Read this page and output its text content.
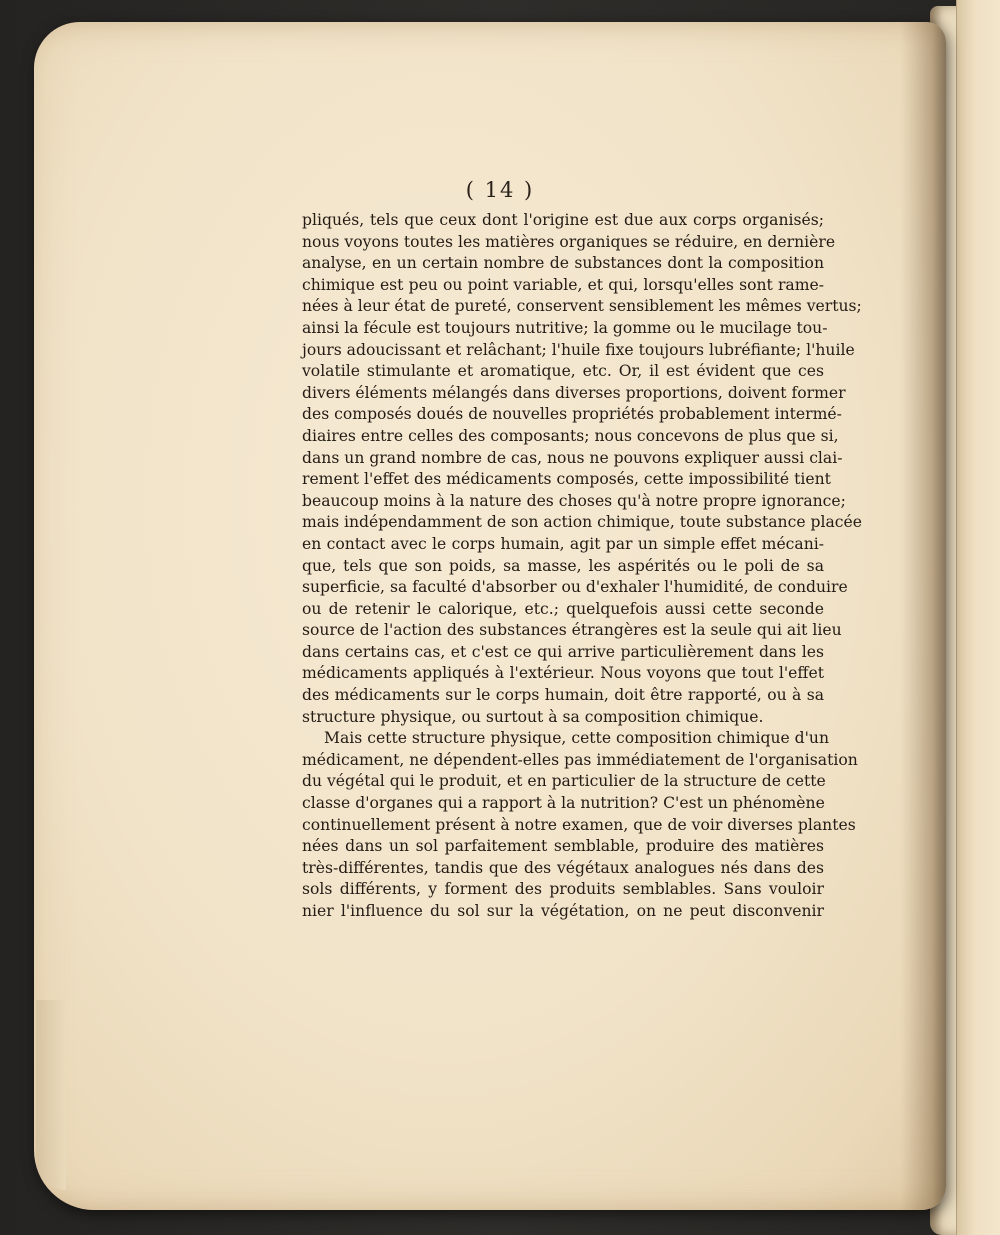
( 14 )
pliqués, tels que ceux dont l'origine est due aux corps organisés;
nous voyons toutes les matières organiques se réduire, en dernière
analyse, en un certain nombre de substances dont la composition
chimique est peu ou point variable, et qui, lorsqu'elles sont rame-
nées à leur état de pureté, conservent sensiblement les mêmes vertus;
ainsi la fécule est toujours nutritive; la gomme ou le mucilage tou-
jours adoucissant et relâchant; l'huile fixe toujours lubréfiante; l'huile
volatile stimulante et aromatique, etc. Or, il est évident que ces
divers éléments mélangés dans diverses proportions, doivent former
des composés doués de nouvelles propriétés probablement intermé-
diaires entre celles des composants; nous concevons de plus que si,
dans un grand nombre de cas, nous ne pouvons expliquer aussi clai-
rement l'effet des médicaments composés, cette impossibilité tient
beaucoup moins à la nature des choses qu'à notre propre ignorance;
mais indépendamment de son action chimique, toute substance placée
en contact avec le corps humain, agit par un simple effet mécani-
que, tels que son poids, sa masse, les aspérités ou le poli de sa
superficie, sa faculté d'absorber ou d'exhaler l'humidité, de conduire
ou de retenir le calorique, etc.; quelquefois aussi cette seconde
source de l'action des substances étrangères est la seule qui ait lieu
dans certains cas, et c'est ce qui arrive particulièrement dans les
médicaments appliqués à l'extérieur. Nous voyons que tout l'effet
des médicaments sur le corps humain, doit être rapporté, ou à sa
structure physique, ou surtout à sa composition chimique.
Mais cette structure physique, cette composition chimique d'un
médicament, ne dépendent-elles pas immédiatement de l'organisation
du végétal qui le produit, et en particulier de la structure de cette
classe d'organes qui a rapport à la nutrition? C'est un phénomène
continuellement présent à notre examen, que de voir diverses plantes
nées dans un sol parfaitement semblable, produire des matières
très-différentes, tandis que des végétaux analogues nés dans des
sols différents, y forment des produits semblables. Sans vouloir
nier l'influence du sol sur la végétation, on ne peut disconvenir
